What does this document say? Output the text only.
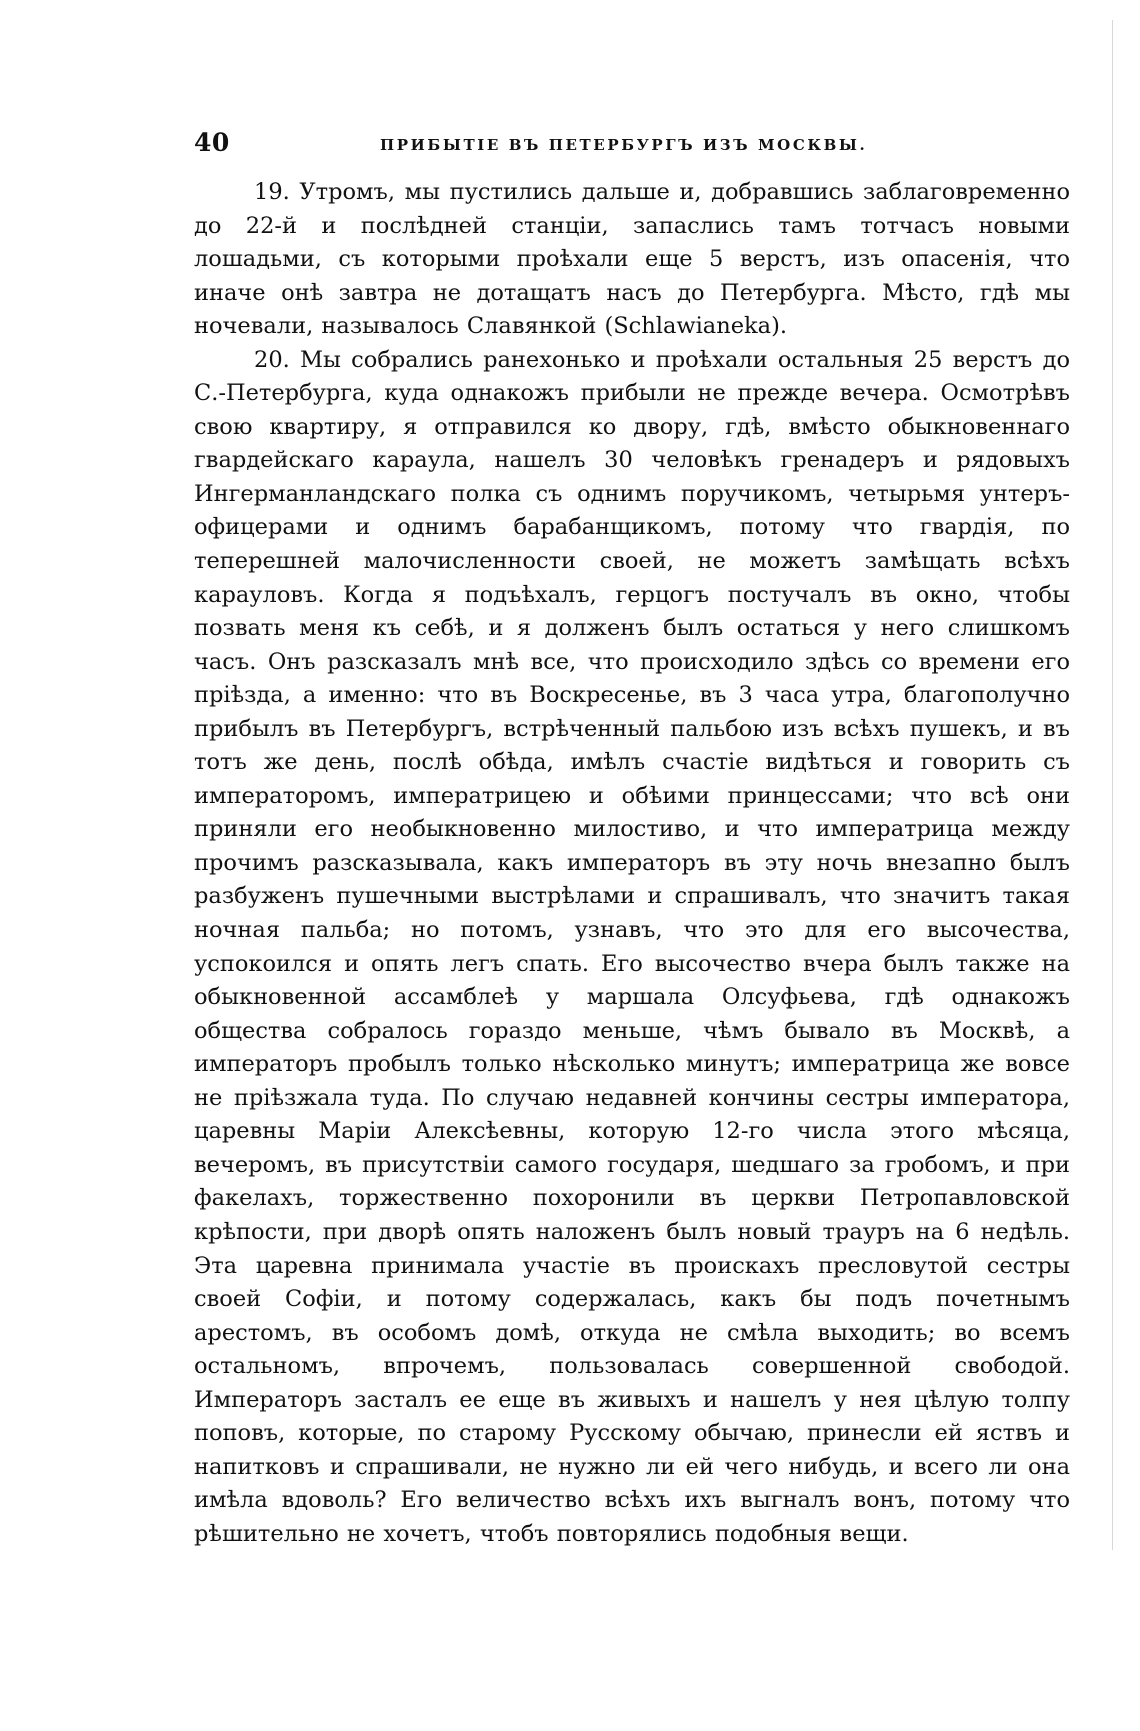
40	ПРИБЫТІЕ ВЪ ПЕТЕРБУРГЪ ИЗЪ МОСКВЫ.

19. Утромъ, мы пустились дальше и, добравшись заблаговременно до 22-й и послѣдней станціи, запаслись тамъ тотчасъ новыми лошадьми, съ которыми проѣхали еще 5 верстъ, изъ опасенія, что иначе онѣ завтра не дотащатъ насъ до Петербурга. Мѣсто, гдѣ мы ночевали, называлось Славянкой (Schlawianeka).

20. Мы собрались ранехонько и проѣхали остальныя 25 верстъ до С.-Петербурга, куда однакожъ прибыли не прежде вечера. Осмотрѣвъ свою квартиру, я отправился ко двору, гдѣ, вмѣсто обыкновеннаго гвардейскаго караула, нашелъ 30 человѣкъ гренадеръ и рядовыхъ Ингерманландскаго полка съ однимъ поручикомъ, четырьмя унтеръ-офицерами и однимъ барабанщикомъ, потому что гвардія, по теперешней малочисленности своей, не можетъ замѣщать всѣхъ карауловъ. Когда я подъѣхалъ, герцогъ постучалъ въ окно, чтобы позвать меня къ себѣ, и я долженъ былъ остаться у него слишкомъ часъ. Онъ разсказалъ мнѣ все, что происходило здѣсь со времени его пріѣзда, а именно: что въ Воскресенье, въ 3 часа утра, благополучно прибылъ въ Петербургъ, встрѣченный пальбою изъ всѣхъ пушекъ, и въ тотъ же день, послѣ обѣда, имѣлъ счастіе видѣться и говорить съ императоромъ, императрицею и обѣими принцессами; что всѣ они приняли его необыкновенно милостиво, и что императрица между прочимъ разсказывала, какъ императоръ въ эту ночь внезапно былъ разбуженъ пушечными выстрѣлами и спрашивалъ, что значитъ такая ночная пальба; но потомъ, узнавъ, что это для его высочества, успокоился и опять легъ спать. Его высочество вчера былъ также на обыкновенной ассамблеѣ у маршала Олсуфьева, гдѣ однакожъ общества собралось гораздо меньше, чѣмъ бывало въ Москвѣ, а императоръ пробылъ только нѣсколько минутъ; императрица же вовсе не пріѣзжала туда. По случаю недавней кончины сестры императора, царевны Маріи Алексѣевны, которую 12-го числа этого мѣсяца, вечеромъ, въ присутствіи самого государя, шедшаго за гробомъ, и при факелахъ, торжественно похоронили въ церкви Петропавловской крѣпости, при дворѣ опять наложенъ былъ новый трауръ на 6 недѣль. Эта царевна принимала участіе въ проискахъ пресловутой сестры своей Софіи, и потому содержалась, какъ бы подъ почетнымъ арестомъ, въ особомъ домѣ, откуда не смѣла выходить; во всемъ остальномъ, впрочемъ, пользовалась совершенной свободой. Императоръ засталъ ее еще въ живыхъ и нашелъ у нея цѣлую толпу поповъ, которые, по старому Русскому обычаю, принесли ей яствъ и напитковъ и спрашивали, не нужно ли ей чего нибудь, и всего ли она имѣла вдоволь? Его величество всѣхъ ихъ выгналъ вонъ, потому что рѣшительно не хочетъ, чтобъ повторялись подобныя вещи.
